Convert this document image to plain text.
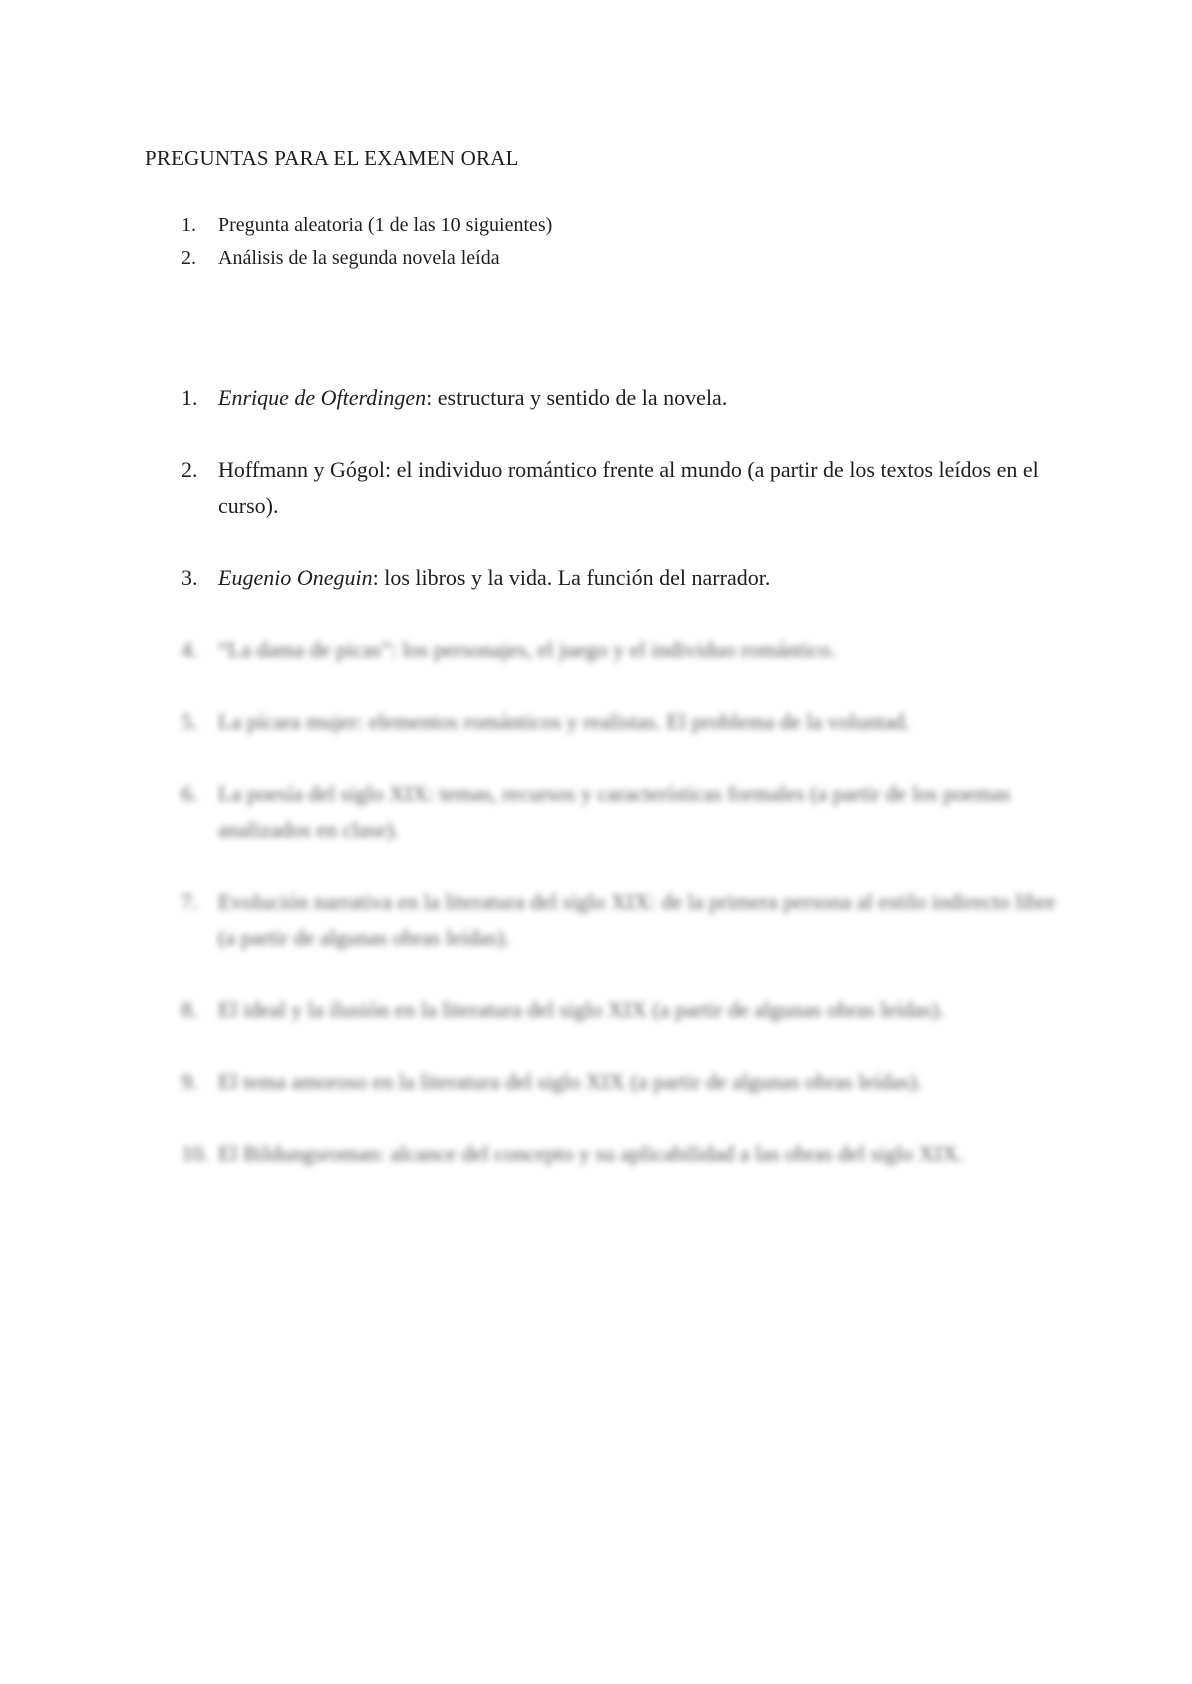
PREGUNTAS PARA EL EXAMEN ORAL
1.	Pregunta aleatoria (1 de las 10 siguientes)
2.	Análisis de la segunda novela leída
1. Enrique de Ofterdingen: estructura y sentido de la novela.
2. Hoffmann y Gógol: el individuo romántico frente al mundo (a partir de los textos leídos en el curso).
3. Eugenio Oneguin: los libros y la vida. La función del narrador.
4. “La dama de picas”: los personajes, el juego y el individuo romántico.
5. La pícara mujer: elementos románticos y realistas. El problema de la voluntad.
6. La poesía del siglo XIX: temas, recursos y características formales (a partir de los poemas analizados en clase).
7. Evolución narrativa en la literatura del siglo XIX: de la primera persona al estilo indirecto libre (a partir de algunas obras leídas).
8. El ideal y la ilusión en la literatura del siglo XIX (a partir de algunas obras leídas).
9. El tema amoroso en la literatura del siglo XIX (a partir de algunas obras leídas).
10. El Bildungsroman: alcance del concepto y su aplicabilidad a las obras del siglo XIX.
